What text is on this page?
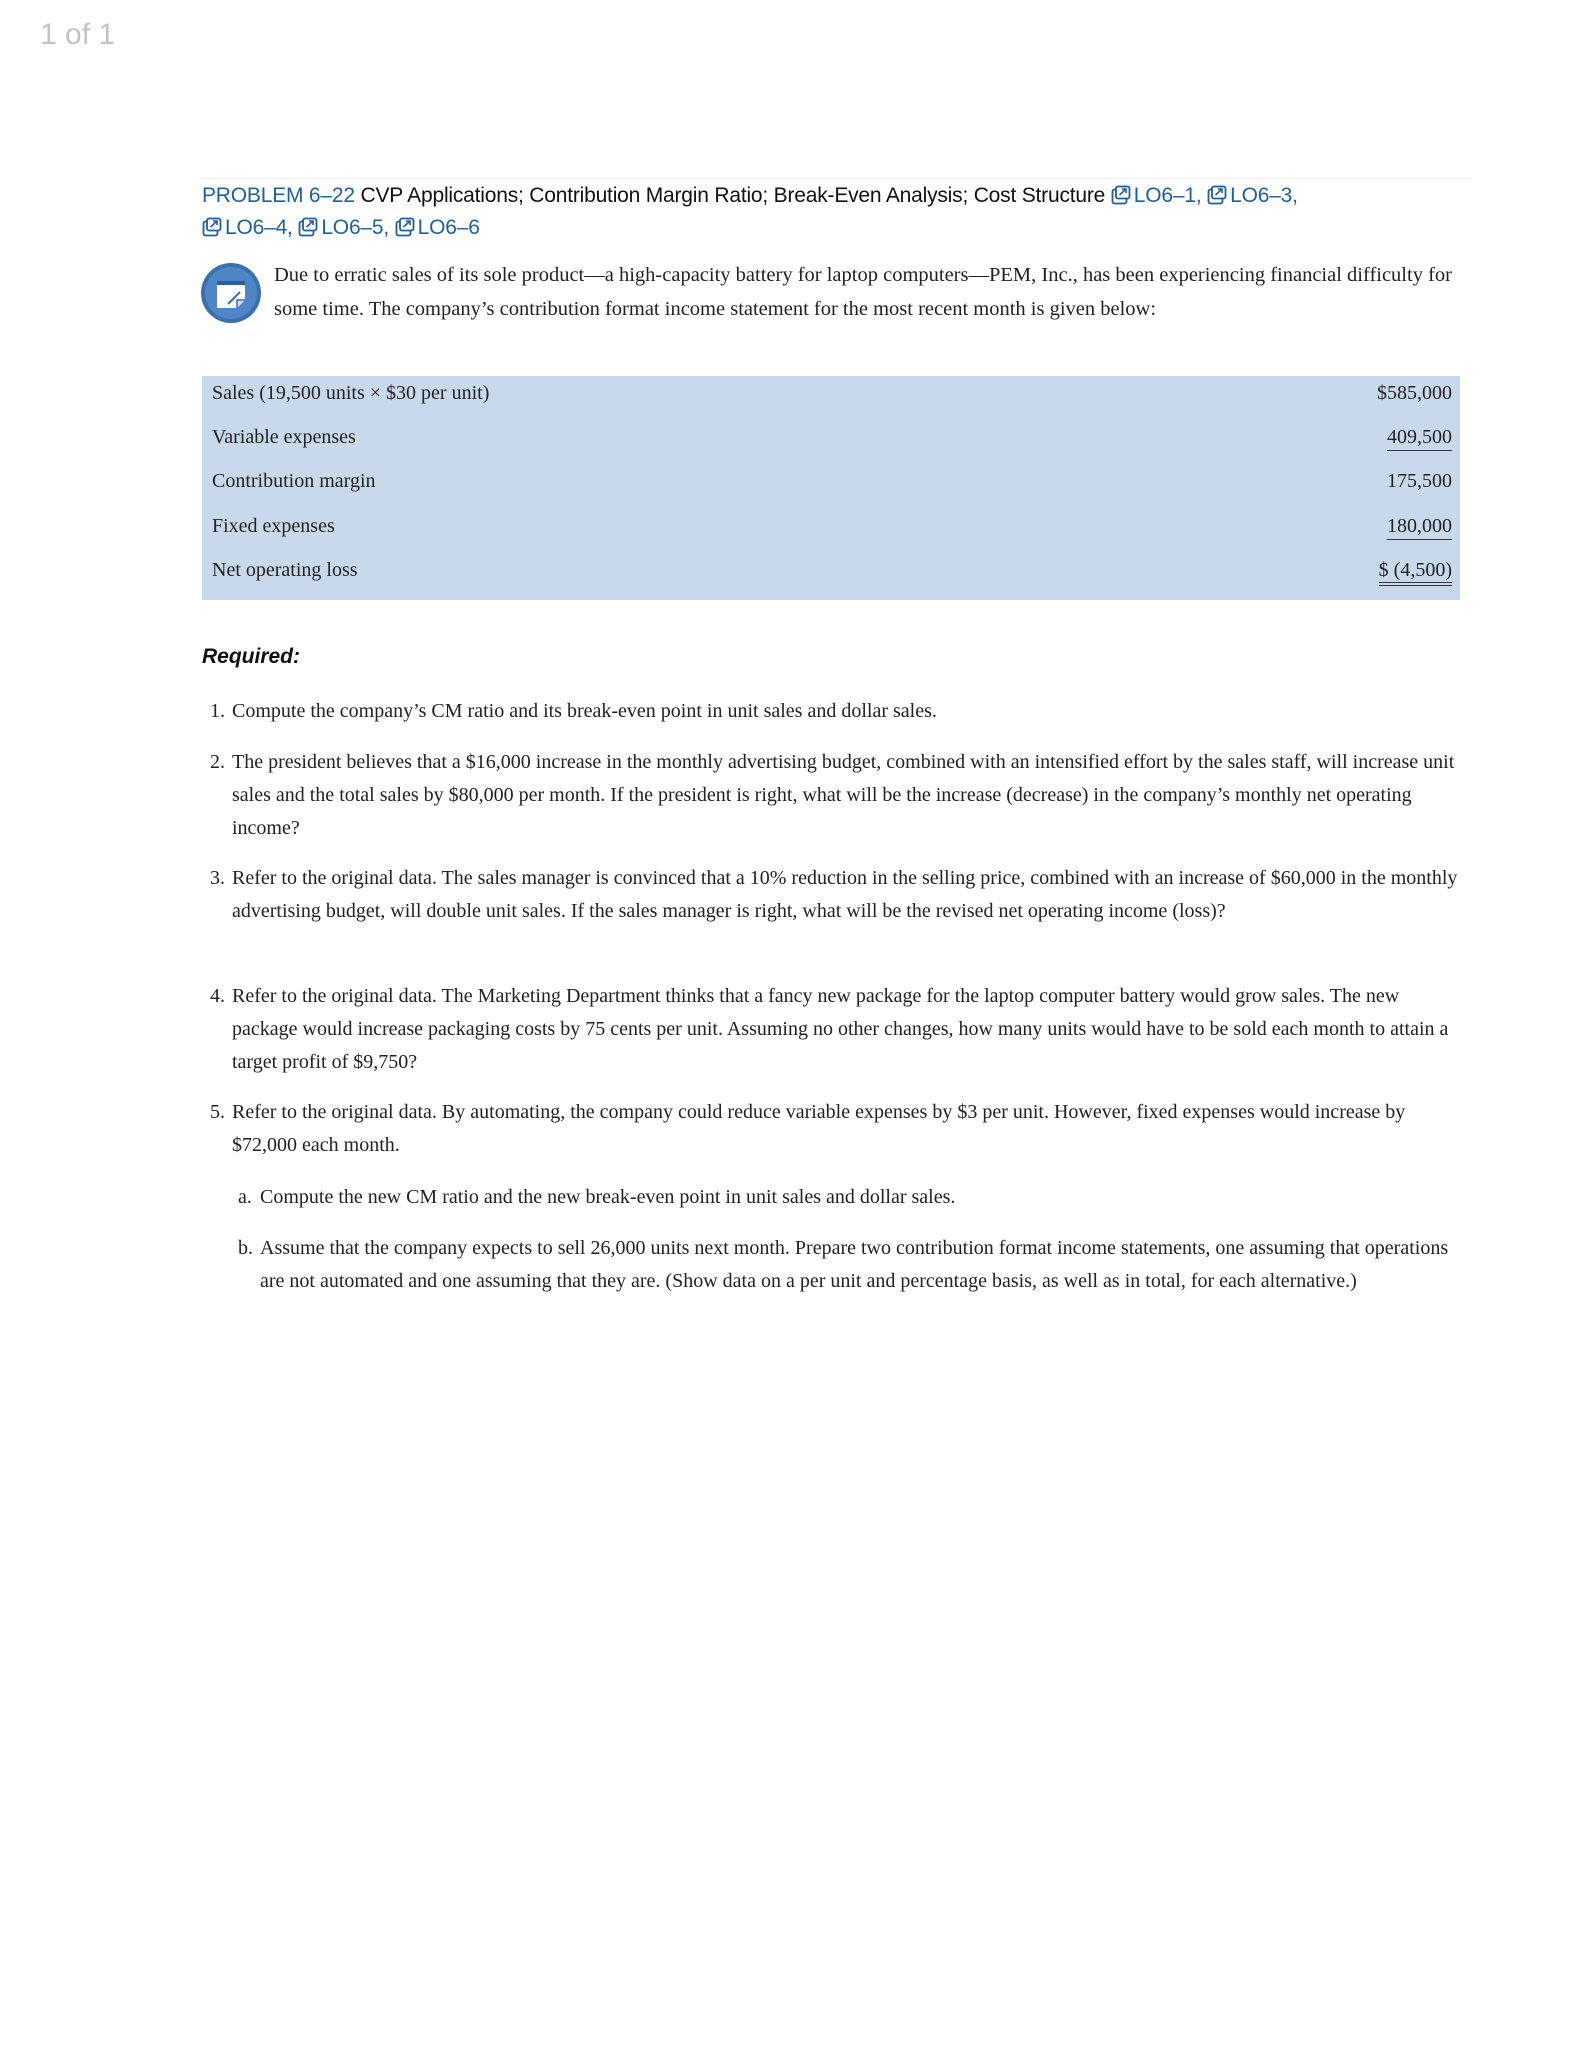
1 of 1
PROBLEM 6–22 CVP Applications; Contribution Margin Ratio; Break-Even Analysis; Cost Structure LO6–1, LO6–3,
LO6–4, LO6–5, LO6–6
Due to erratic sales of its sole product—a high-capacity battery for laptop computers—PEM, Inc., has been experiencing financial difficulty for some time. The company’s contribution format income statement for the most recent month is given below:
Sales (19,500 units × $30 per unit)	$585,000
Variable expenses	409,500
Contribution margin	175,500
Fixed expenses	180,000
Net operating loss	$ (4,500)
Required:
1. Compute the company’s CM ratio and its break-even point in unit sales and dollar sales.
2. The president believes that a $16,000 increase in the monthly advertising budget, combined with an intensified effort by the sales staff, will increase unit sales and the total sales by $80,000 per month. If the president is right, what will be the increase (decrease) in the company’s monthly net operating income?
3. Refer to the original data. The sales manager is convinced that a 10% reduction in the selling price, combined with an increase of $60,000 in the monthly advertising budget, will double unit sales. If the sales manager is right, what will be the revised net operating income (loss)?
4. Refer to the original data. The Marketing Department thinks that a fancy new package for the laptop computer battery would grow sales. The new package would increase packaging costs by 75 cents per unit. Assuming no other changes, how many units would have to be sold each month to attain a target profit of $9,750?
5. Refer to the original data. By automating, the company could reduce variable expenses by $3 per unit. However, fixed expenses would increase by $72,000 each month.
a. Compute the new CM ratio and the new break-even point in unit sales and dollar sales.
b. Assume that the company expects to sell 26,000 units next month. Prepare two contribution format income statements, one assuming that operations are not automated and one assuming that they are. (Show data on a per unit and percentage basis, as well as in total, for each alternative.)
